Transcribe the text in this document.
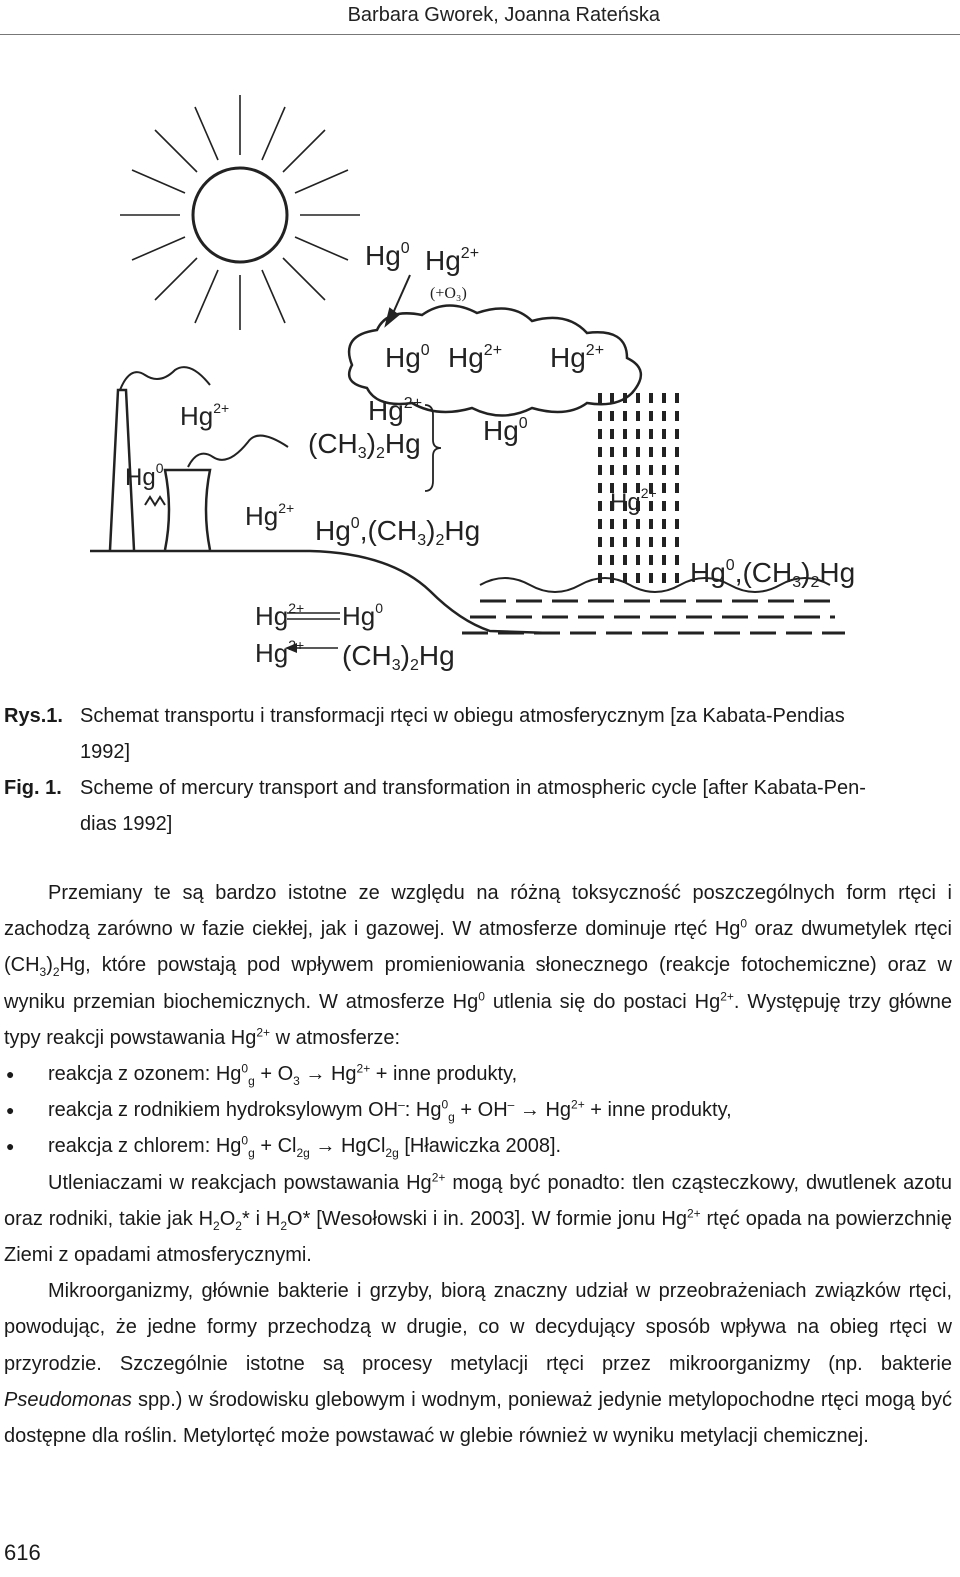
Barbara Gworek, Joanna Rateńska
Hg$^0$ $Hg^{2+}$
(+O₃)
Hg$^0$ $Hg^{2+}$ $Hg^{2+}$
$Hg^{2+}$
Hg$^0$
$Hg^{2+}$
(CH3)2Hg Hg$^0$
$Hg^{2+}$
Hg$^0$,(CH3)2Hg
$Hg^{2+}$
Hg$^0$,(CH3)2Hg
$Hg^{2+}$ Hg$^0$
$Hg^{2+}$ (CH3)2Hg
Rys.1. Schemat transportu i transformacji rtęci w obiegu atmosferycznym [za Kabata-Pendias
1992]
Fig. 1. Scheme of mercury transport and transformation in atmospheric cycle [after Kabata-Pen-
dias 1992]

Przemiany te są bardzo istotne ze względu na różną toksyczność poszczególnych form rtęci i zachodzą zarówno w fazie ciekłej, jak i gazowej. W atmosferze dominuje rtęć Hg$^0$ oraz dwumetylek rtęci $(CH_3)_2Hg$, które powstają pod wpływem promieniowania słonecznego (reakcje fotochemiczne) oraz w wyniku przemian biochemicznych. W atmosferze Hg$^0$ utlenia się do postaci $Hg^{2+}$. Występuję trzy główne typy reakcji powstawania $Hg^{2+}$ w atmosferze:

● reakcja z ozonem: $Hg^0_g + O_3 \to Hg^{2+}$ + inne produkty,
● reakcja z rodnikiem hydroksylowym OH–: $Hg^0_g + OH^- \to Hg^{2+}$ + inne produkty,
● reakcja z chlorem: $Hg^0_g + Cl_{2g}$ → HgCl$_{2g}$ [Hławiczka 2008].

Utleniaczami w reakcjach powstawania $Hg^{2+}$ mogą być ponadto: tlen cząsteczkowy, dwutlenek azotu oraz rodniki, takie jak $H_2O_2*$ i $H_2O*$ [Wesołowski i in. 2003]. W formie jonu $Hg^{2+}$ rtęć opada na powierzchnię Ziemi z opadami atmosferycznymi.

Mikroorganizmy, głównie bakterie i grzyby, biorą znaczny udział w przeobrażeniach związków rtęci, powodując, że jedne formy przechodzą w drugie, co w decydujący sposób wpływa na obieg rtęci w przyrodzie. Szczególnie istotne są procesy metylacji rtęci przez mikroorganizmy (np. bakterie Pseudomonas spp.) w środowisku glebowym i wodnym, ponieważ jedynie metylopochodne rtęci mogą być dostępne dla roślin. Metylortęć może powstawać w glebie również w wyniku metylacji chemicznej.

616
